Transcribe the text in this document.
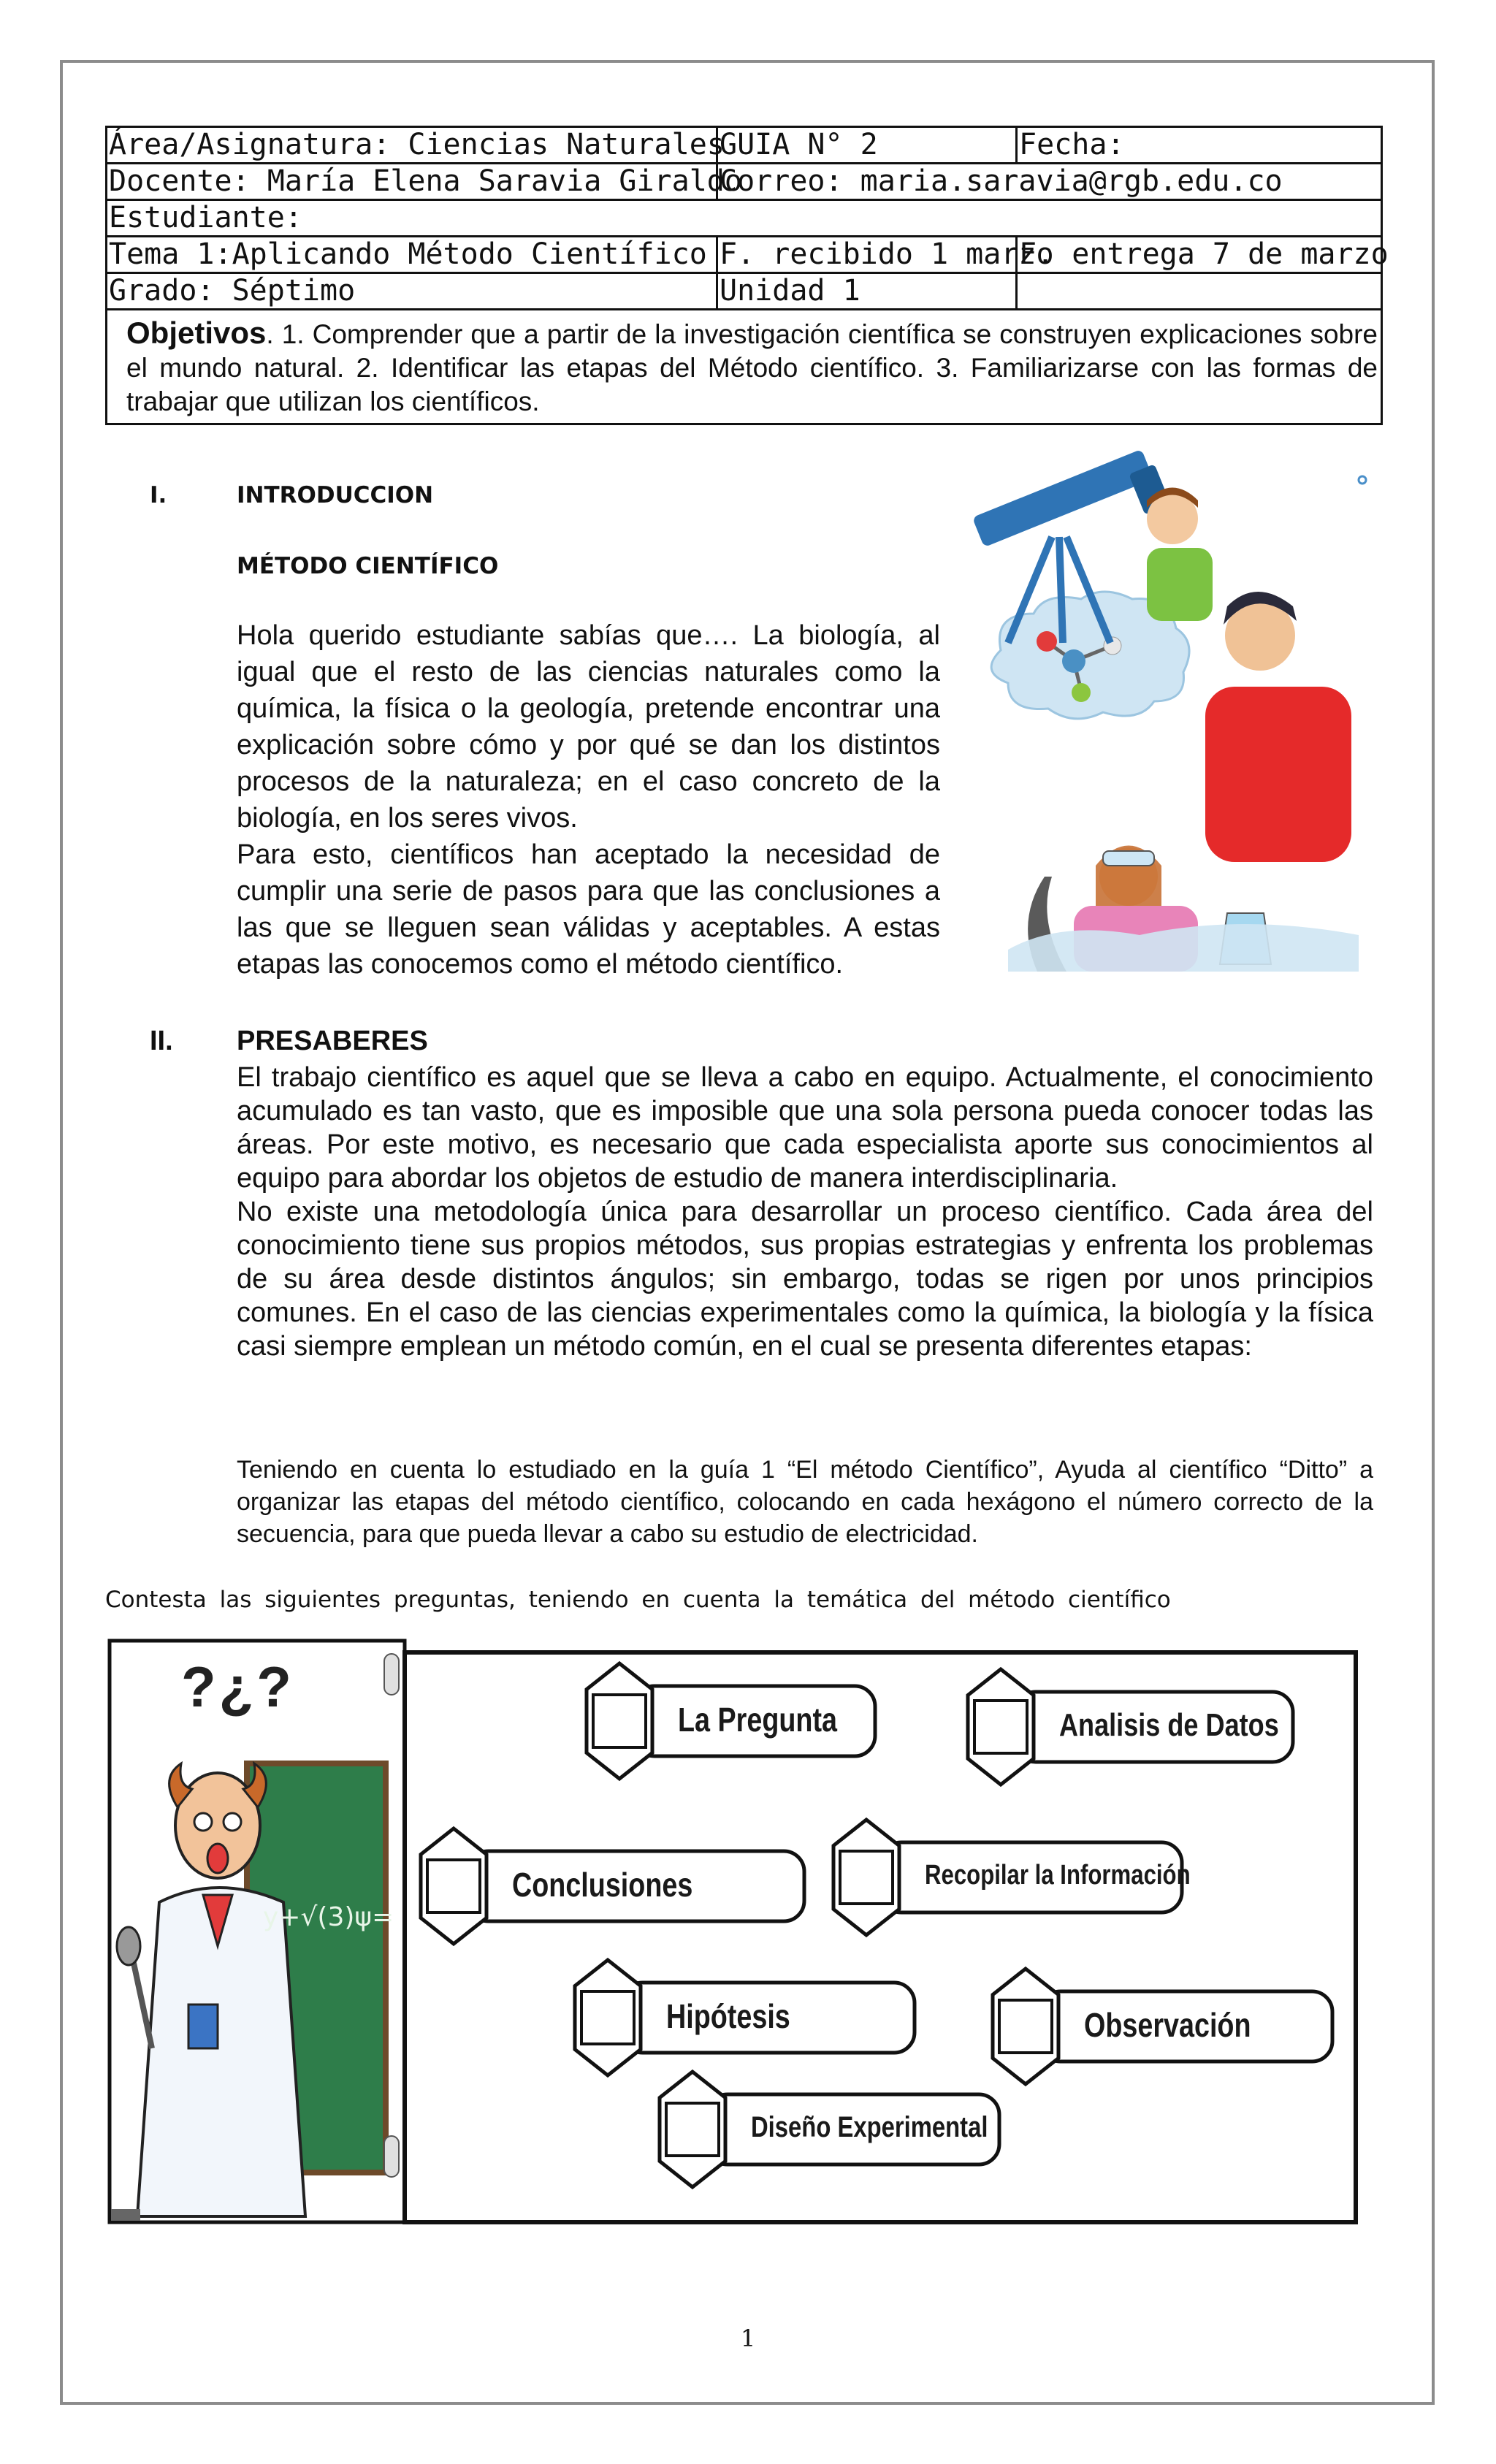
Área/Asignatura: Ciencias Naturales	GUIA N° 2	Fecha:
Docente: María Elena Saravia Giraldo	Correo: maria.saravia@rgb.edu.co	
Estudiante:		
Tema 1:Aplicando Método Científico	F. recibido 1 marzo	F. entrega 7 de marzo
Grado: Séptimo	Unidad 1	
Objetivos. 1. Comprender que a partir de la investigación científica se construyen explicaciones sobre el mundo natural. 2. Identificar las etapas del Método científico. 3. Familiarizarse con las formas de trabajar que utilizan los científicos.		
I.	INTRODUCCION
MÉTODO CIENTÍFICO

Hola querido estudiante sabías que…. La biología, al igual que el resto de las ciencias naturales como la química, la física o la geología, pretende encontrar una explicación sobre cómo y por qué se dan los distintos procesos de la naturaleza; en el caso concreto de la biología, en los seres vivos.

Para esto, científicos han aceptado la necesidad de cumplir una serie de pasos para que las conclusiones a las que se lleguen sean válidas y aceptables. A estas etapas las conocemos como el método científico.

II. PRESABERES

El trabajo científico es aquel que se lleva a cabo en equipo. Actualmente, el conocimiento acumulado es tan vasto, que es imposible que una sola persona pueda conocer todas las áreas. Por este motivo, es necesario que cada especialista aporte sus conocimientos al equipo para abordar los objetos de estudio de manera interdisciplinaria.

No existe una metodología única para desarrollar un proceso científico. Cada área del conocimiento tiene sus propios métodos, sus propias estrategias y enfrenta los problemas de su área desde distintos ángulos; sin embargo, todas se rigen por unos principios comunes. En el caso de las ciencias experimentales como la química, la biología y la física casi siempre emplean un método común, en el cual se presenta diferentes etapas:

Teniendo en cuenta lo estudiado en la guía 1 “El método Científico”, Ayuda al científico “Ditto” a organizar las etapas del método científico, colocando en cada hexágono el número correcto de la secuencia, para que pueda llevar a cabo su estudio de electricidad.

Contesta las siguientes preguntas, teniendo en cuenta la temática del método científico
?¿?
y+√(3)ψ=
La Pregunta	Analisis de Datos
Conclusiones	Recopilar la Información
Hipótesis	Observación
Diseño Experimental
1
